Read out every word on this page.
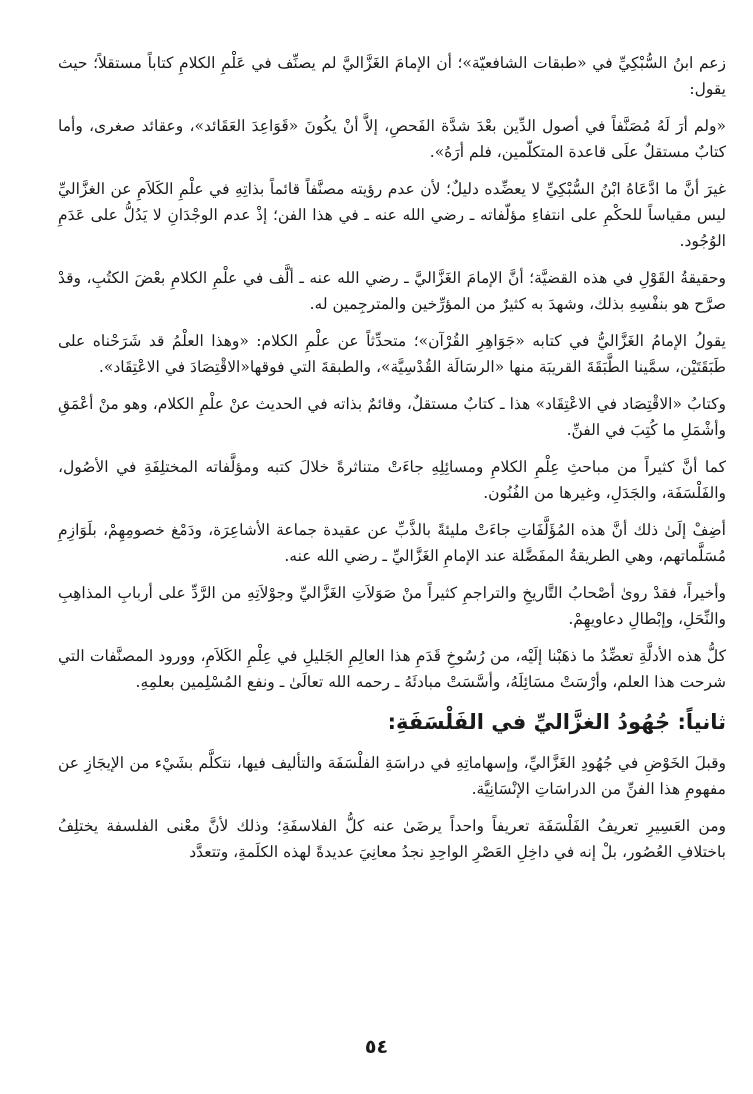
زعم ابنُ السُّبْكِيِّ في «طبقات الشافعيّة»؛ أن الإمامَ الغَزَّاليَّ لم يصنِّف في عَلْمِ الكلامِ كتاباً مستقلاً؛ حيث يقول:

«ولم أرَ لَهُ مُصَنَّفاً في أصول الدِّين بعْدَ شدَّة الفَحصِ، إلاَّ أنْ يكُونَ «قَوَاعِدَ العَقَائد»، وعقائد صغرى، وأما كتابٌ مستقلٌ علَى قاعدة المتكلّمين، فلم أرَهُ».

غيرَ أنَّ ما ادَّعَاهُ ابْنُ السُّبْكِيِّ لا يعضِّده دليلٌ؛ لأن عدم رؤيته مصنَّفاً قائماً بذاتِهِ في علْمِ الكَلاَمِ عن الغزَّاليِّ ليس مقياساً للحكْمِ على انتفاءِ مؤلّفاته ـ رضي الله عنه ـ في هذا الفن؛ إذْ عدم الوجْدَانِ لا يَدُلُّ على عَدَمِ الوُجُود.

وحقيقةُ القَوْلِ في هذه القضيَّة؛ أنَّ الإمامَ الغَزَّاليَّ ـ رضي الله عنه ـ ألَّف في علْمِ الكلامِ بعْضَ الكتُبِ، وقدْ صرَّح هو بنفْسِهِ بذلك، وشهدَ به كثيرٌ من المؤرِّخين والمترجِمين له.

يقولُ الإمامُ الغَزَّاليُّ في كتابه «جَوَاهِرِ القُرْآن»؛ متحدِّثاً عن علْمِ الكلام: «وهذا العلْمُ قد شَرَحْناه على طَبَقَتَيْن، سمَّينا الطَّبَقَةَ القريبَة منها «الرسَالَة القُدْسِيَّة»، والطبقةَ التي فوقها«الاقْتِصَادَ في الاعْتِقَاد».

وكتابُ «الاقْتِصَاد في الاعْتِقَاد» هذا ـ كتابٌ مستقلٌ، وقائمٌ بذاته في الحديث عنْ علْمِ الكلام، وهو منْ أعْمَقِ وأشْمَلِ ما كُتِبَ في الفنِّ.

كما أنَّ كثيراً من مباحثِ عِلْمِ الكلامِ ومسائِلِهِ جاءَتْ متناثرةً خلالَ كتبه ومؤلَّفاته المختلِفَةِ في الأصُول، والفَلْسَفَة، والجَدَلِ، وغيرها من الفُنُون.

أضِفْ إلَىٰ ذلك أنَّ هذه المُؤَلَّفَاتِ جاءَتْ مليئةً بالذَّبِّ عن عقيدة جماعة الأشاعِرَة، ودَمْغ خصومِهِمْ، بلَوَازِمِ مُسَلَّماتهم، وهي الطريقةُ المفَضَّلة عند الإمامِ الغَزَّاليِّ ـ رضي الله عنه.

وأخيراً، فقدْ روىٰ أصْحابُ التَّاريخِ والتراجمِ كثيراً منْ صَوَلاَتِ الغَزَّاليِّ وجوْلاَتِهِ من الرَّدِّ على أربابِ المذاهِبِ والنِّحَلِ، وإبْطالِ دعاويهِمْ.

كلُّ هذه الأدلَّةِ تعضِّدُ ما ذهَبْنا إلَيْه، من رُسُوخِ قَدَمِ هذا العالِمِ الجَليلِ في عِلْمِ الكَلاَمِ، وورود المصنَّفات التي شرحت هذا العلم، وأرْسَتْ مسَائِلَهُ، وأسَّسَتْ مبادئَهُ ـ رحمه الله تعالَىٰ ـ ونفع المُسْلِمين بعلمِهِ.

ثانياً: جُهُودُ الغزَّاليِّ في الفَلْسَفَةِ:

وقبلَ الخَوْضِ في جُهُودِ الغَزَّاليِّ، وإسهاماتِهِ في دراسَةِ الفلْسَفَة والتأليف فيها، نتكلَّم بشَيْء من الإيجَازِ عن مفهومِ هذا الفنِّ من الدراسَاتِ الإنْسَانِيَّة.

ومن العَسِيرِ تعريفُ الفَلْسَفَة تعريفاً واحداً يرضَىٰ عنه كلُّ الفلاسفَةِ؛ وذلك لأنَّ معْنى الفلسفة يختلِفُ باختلافِ العُصُور، بلْ إنه في داخِلِ العَصْرِ الواحِدِ نجدُ معانِيَ عديدةً لهذه الكلَمةِ، وتتعدَّد

٥٤
